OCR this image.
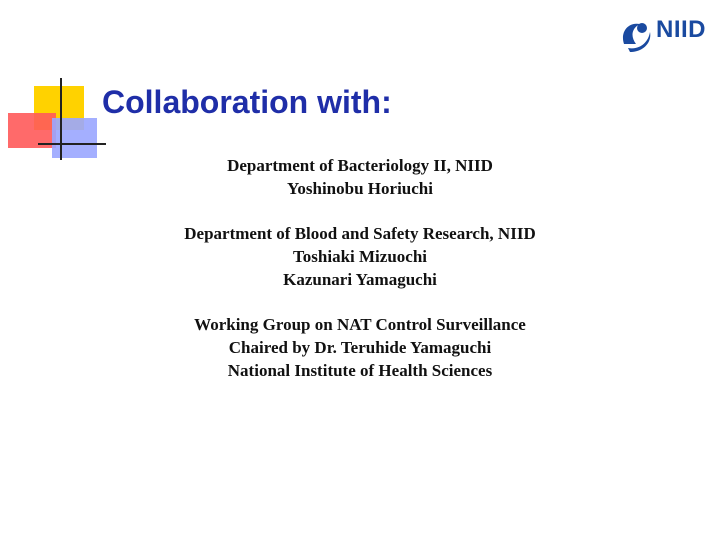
Collaboration with:
NIID
Department of Bacteriology II, NIID
Yoshinobu Horiuchi
Department of Blood and Safety Research, NIID
Toshiaki Mizuochi
Kazunari Yamaguchi
Working Group on NAT Control Surveillance
Chaired by Dr. Teruhide Yamaguchi
National Institute of Health Sciences
